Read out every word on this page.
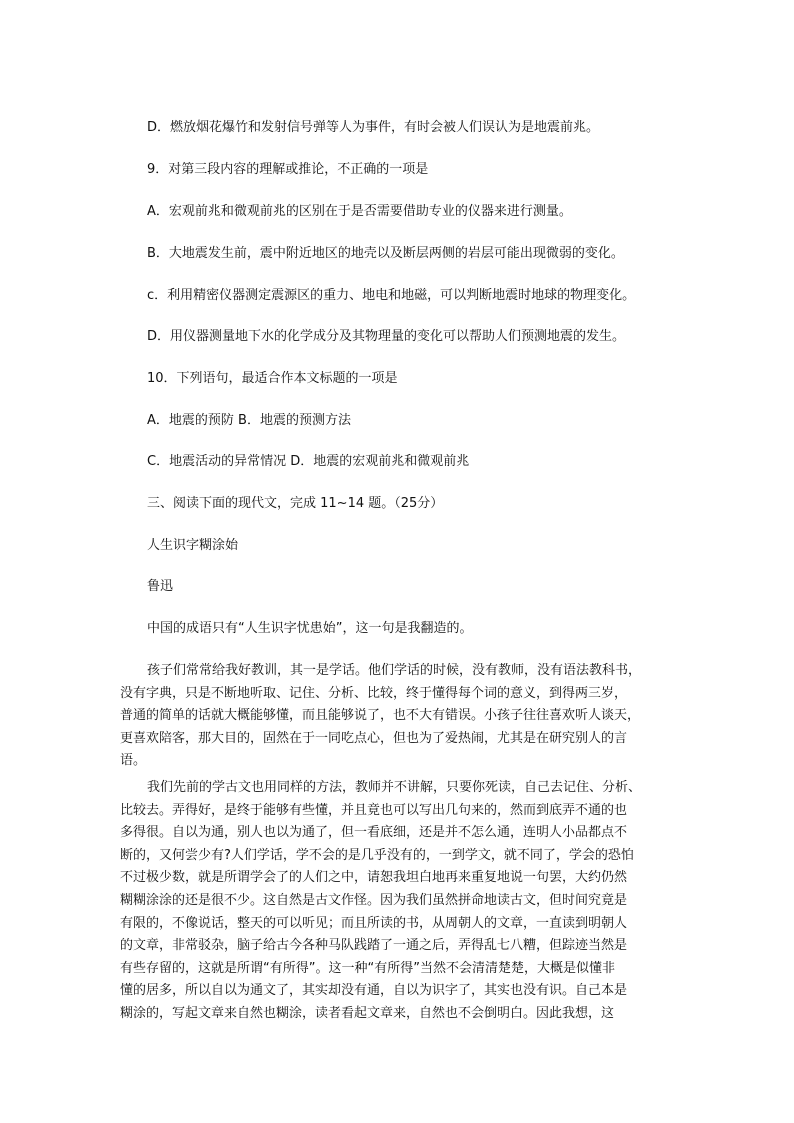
D．燃放烟花爆竹和发射信号弹等人为事件，有时会被人们误认为是地震前兆。

9．对第三段内容的理解或推论，不正确的一项是

A．宏观前兆和微观前兆的区别在于是否需要借助专业的仪器来进行测量。

B．大地震发生前，震中附近地区的地壳以及断层两侧的岩层可能出现微弱的变化。

c．利用精密仪器测定震源区的重力、地电和地磁，可以判断地震时地球的物理变化。

D．用仪器测量地下水的化学成分及其物理量的变化可以帮助人们预测地震的发生。

10．下列语句，最适合作本文标题的一项是

A．地震的预防 B．地震的预测方法

C．地震活动的异常情况 D．地震的宏观前兆和微观前兆

三、阅读下面的现代文，完成 11~14 题。（25分）

人生识字糊涂始

鲁迅

中国的成语只有“人生识字忧患始”，这一句是我翻造的。

孩子们常常给我好教训，其一是学话。他们学话的时候，没有教师，没有语法教科书，
没有字典，只是不断地听取、记住、分析、比较，终于懂得每个词的意义，到得两三岁，
普通的简单的话就大概能够懂，而且能够说了，也不大有错误。小孩子往往喜欢听人谈天，
更喜欢陪客，那大目的，固然在于一同吃点心，但也为了爱热闹，尤其是在研究别人的言
语。
我们先前的学古文也用同样的方法，教师并不讲解，只要你死读，自己去记住、分析、
比较去。弄得好，是终于能够有些懂，并且竟也可以写出几句来的，然而到底弄不通的也
多得很。自以为通，别人也以为通了，但一看底细，还是并不怎么通，连明人小品都点不
断的，又何尝少有?人们学话，学不会的是几乎没有的，一到学文，就不同了，学会的恐怕
不过极少数，就是所谓学会了的人们之中，请恕我坦白地再来重复地说一句罢，大约仍然
糊糊涂涂的还是很不少。这自然是古文作怪。因为我们虽然拼命地读古文，但时间究竟是
有限的，不像说话，整天的可以听见；而且所读的书，从周朝人的文章，一直读到明朝人
的文章，非常驳杂，脑子给古今各种马队践踏了一通之后，弄得乱七八糟，但踪迹当然是
有些存留的，这就是所谓“有所得”。这一种“有所得”当然不会清清楚楚，大概是似懂非
懂的居多，所以自以为通文了，其实却没有通，自以为识字了，其实也没有识。自己本是
糊涂的，写起文章来自然也糊涂，读者看起文章来，自然也不会倒明白。因此我想，这
